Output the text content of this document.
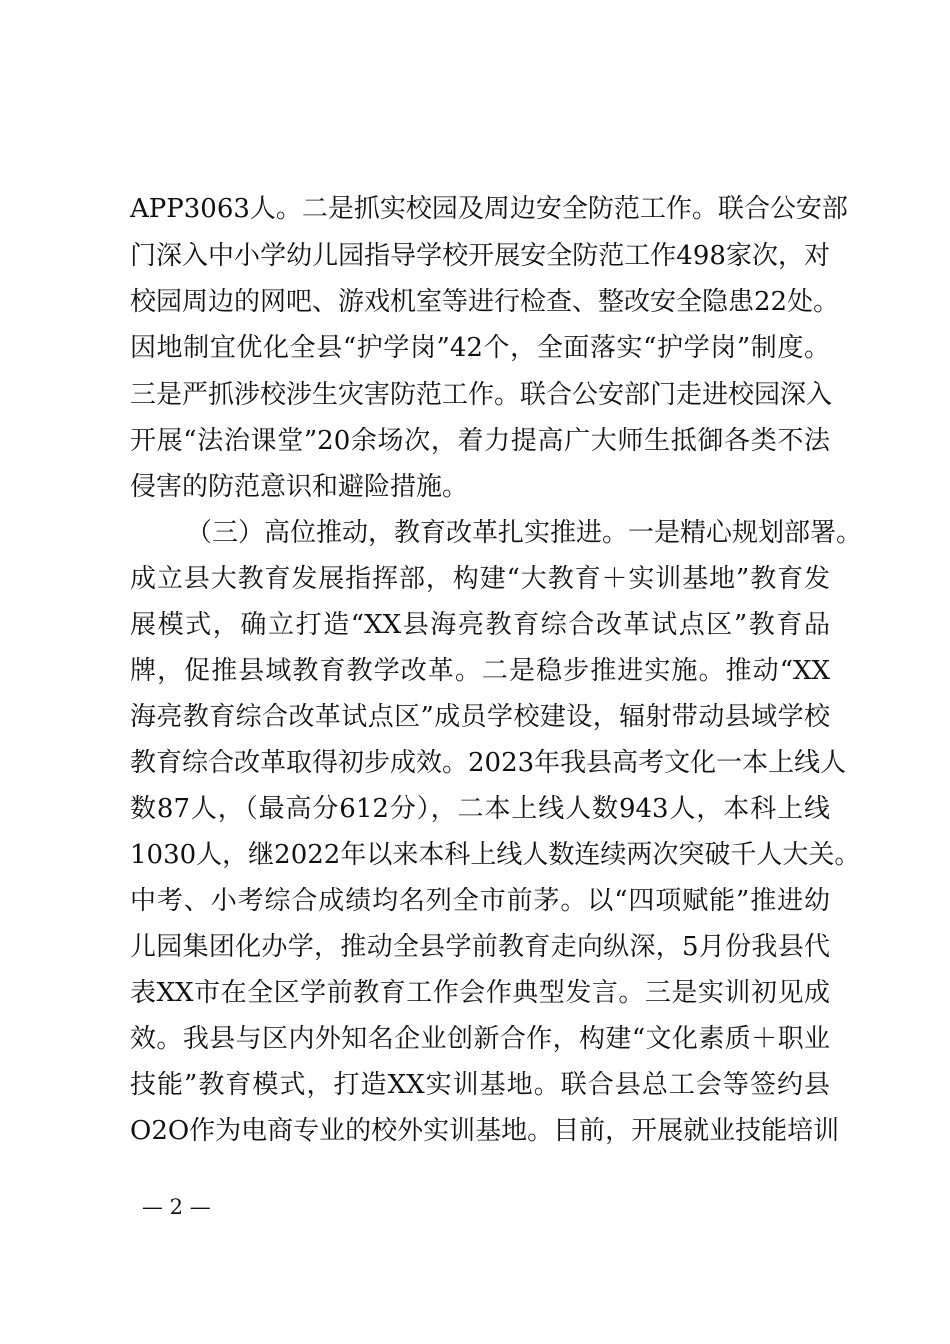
APP3063人。二是抓实校园及周边安全防范工作。联合公安部
门深入中小学幼儿园指导学校开展安全防范工作498家次，对
校园周边的网吧、游戏机室等进行检查、整改安全隐患22处。
因地制宜优化全县“护学岗”42个，全面落实“护学岗”制度。
三是严抓涉校涉生灾害防范工作。联合公安部门走进校园深入
开展“法治课堂”20余场次，着力提高广大师生抵御各类不法
侵害的防范意识和避险措施。
（三）高位推动，教育改革扎实推进。一是精心规划部署。
成立县大教育发展指挥部，构建“大教育＋实训基地”教育发
展模式，确立打造“XX县海亮教育综合改革试点区”教育品
牌，促推县域教育教学改革。二是稳步推进实施。推动“XX
海亮教育综合改革试点区”成员学校建设，辐射带动县域学校
教育综合改革取得初步成效。2023年我县高考文化一本上线人
数87人，（最高分612分），二本上线人数943人，本科上线
1030人，继2022年以来本科上线人数连续两次突破千人大关。
中考、小考综合成绩均名列全市前茅。以“四项赋能”推进幼
儿园集团化办学，推动全县学前教育走向纵深，5月份我县代
表XX市在全区学前教育工作会作典型发言。三是实训初见成
效。我县与区内外知名企业创新合作，构建“文化素质＋职业
技能”教育模式，打造XX实训基地。联合县总工会等签约县
O2O作为电商专业的校外实训基地。目前，开展就业技能培训
— 2 —
